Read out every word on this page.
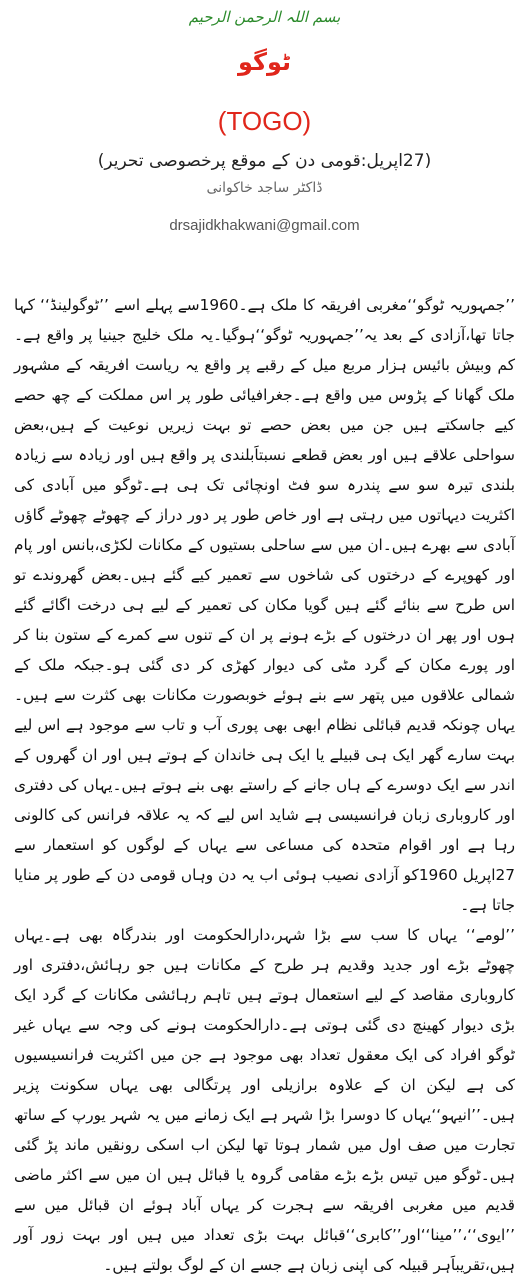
بسم اللہ الرحمن الرحیم
ٹوگو
(TOGO)
(27اپریل:قومی دن کے موقع پرخصوصی تحریر)
ڈاکٹر ساجد خاکوانی
drsajidkhakwani@gmail.com

’’جمہوریہ ٹوگو‘‘مغربی افریقہ کا ملک ہے۔1960سے پہلے اسے ’’ٹوگولینڈ‘‘ کہا جاتا تھا،آزادی کے بعد یہ’’جمہوریہ ٹوگو‘‘ہوگیا۔یہ ملک خلیج جینیا پر واقع ہے۔کم وبیش بائیس ہزار مربع میل کے رقبے پر واقع یہ ریاست افریقہ کے مشہور ملک گھانا کے پڑوس میں واقع ہے۔جغرافیائی طور پر اس مملکت کے چھ حصے کیے جاسکتے ہیں جن میں بعض حصے تو بہت زیریں نوعیت کے ہیں،بعض سواحلی علاقے ہیں اور بعض قطعے نسبتاََبلندی پر واقع ہیں اور زیادہ سے زیادہ بلندی تیرہ سو سے پندرہ سو فٹ اونچائی تک ہی ہے۔ٹوگو میں آبادی کی اکثریت دیہاتوں میں رہتی ہے اور خاص طور پر دور دراز کے چھوٹے چھوٹے گاؤں آبادی سے بھرے ہیں۔ان میں سے ساحلی بستیوں کے مکانات لکڑی،بانس اور پام اور کھوپرے کے درختوں کی شاخوں سے تعمیر کیے گئے ہیں۔بعض گھروندے تو اس طرح سے بنائے گئے ہیں گویا مکان کی تعمیر کے لیے ہی درخت اگائے گئے ہوں اور پھر ان درختوں کے بڑے ہونے پر ان کے تنوں سے کمرے کے ستون بنا کر اور پورے مکان کے گرد مٹی کی دیوار کھڑی کر دی گئی ہو۔جبکہ ملک کے شمالی علاقوں میں پتھر سے بنے ہوئے خوبصورت مکانات بھی کثرت سے ہیں۔یہاں چونکہ قدیم قبائلی نظام ابھی بھی پوری آب و تاب سے موجود ہے اس لیے بہت سارے گھر ایک ہی قبیلے یا ایک ہی خاندان کے ہوتے ہیں اور ان گھروں کے اندر سے ایک دوسرے کے ہاں جانے کے راستے بھی بنے ہوتے ہیں۔یہاں کی دفتری اور کاروباری زبان فرانسیسی ہے شاید اس لیے کہ یہ علاقہ فرانس کی کالونی رہا ہے اور اقوام متحدہ کی مساعی سے یہاں کے لوگوں کو استعمار سے 27اپریل 1960کو آزادی نصیب ہوئی اب یہ دن وہاں قومی دن کے طور پر منایا جاتا ہے۔

’’لومے‘‘ یہاں کا سب سے بڑا شہر،دارالحکومت اور بندرگاہ بھی ہے۔یہاں چھوٹے بڑے اور جدید وقدیم ہر طرح کے مکانات ہیں جو رہائش،دفتری اور کاروباری مقاصد کے لیے استعمال ہوتے ہیں تاہم رہائشی مکانات کے گرد ایک بڑی دیوار کھینچ دی گئی ہوتی ہے۔دارالحکومت ہونے کی وجہ سے یہاں غیر ٹوگو افراد کی ایک معقول تعداد بھی موجود ہے جن میں اکثریت فرانسیسیوں کی ہے لیکن ان کے علاوہ برازیلی اور پرتگالی بھی یہاں سکونت پزیر ہیں۔’’انیہو‘‘یہاں کا دوسرا بڑا شہر ہے ایک زمانے میں یہ شہر یورپ کے ساتھ تجارت میں صف اول میں شمار ہوتا تھا لیکن اب اسکی رونقیں ماند پڑ گئی ہیں۔ٹوگو میں تیس بڑے بڑے مقامی گروہ یا قبائل ہیں ان میں سے اکثر ماضی قدیم میں مغربی افریقہ سے ہجرت کر یہاں آباد ہوئے ان قبائل میں سے ’’ایوی‘‘،’’مینا‘‘اور’’کابری‘‘قبائل بہت بڑی تعداد میں ہیں اور بہت زور آور ہیں،تقریباََہر قبیلہ کی اپنی زبان ہے جسے ان کے لوگ بولتے ہیں۔
